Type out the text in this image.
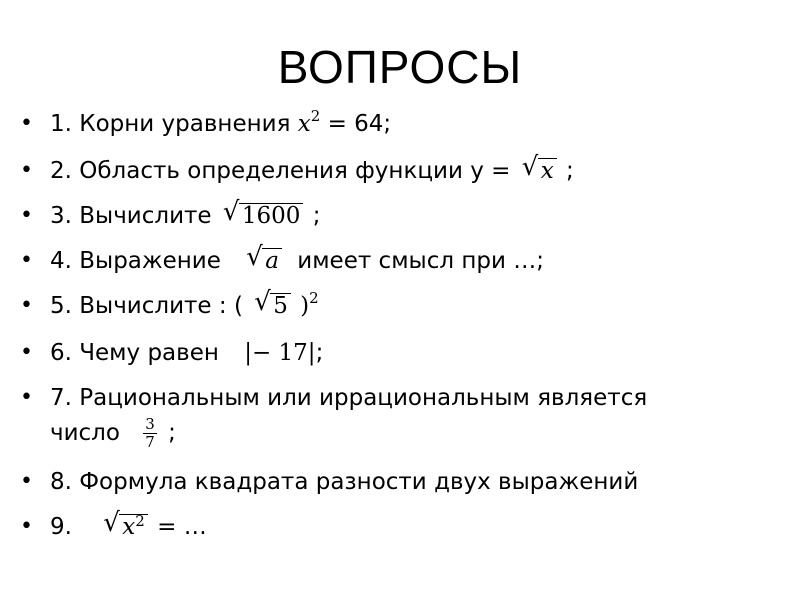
ВОПРОСЫ
• 1. Корни уравнения $x^2 = 64$;
• 2. Область определения функции у = √ x ;
• 3. Вычислите √ 1600 ;
• 4. Выражение √ a имеет смысл при …;
• 5. Вычислите : ( √ 5 )$^2$
• 6. Чему равен |− 17|;
• 7. Рациональным или иррациональным является
число $\frac{3}{7}$ ;
• 8. Формула квадрата разности двух выражений
• 9. √ $x^2$ = …
